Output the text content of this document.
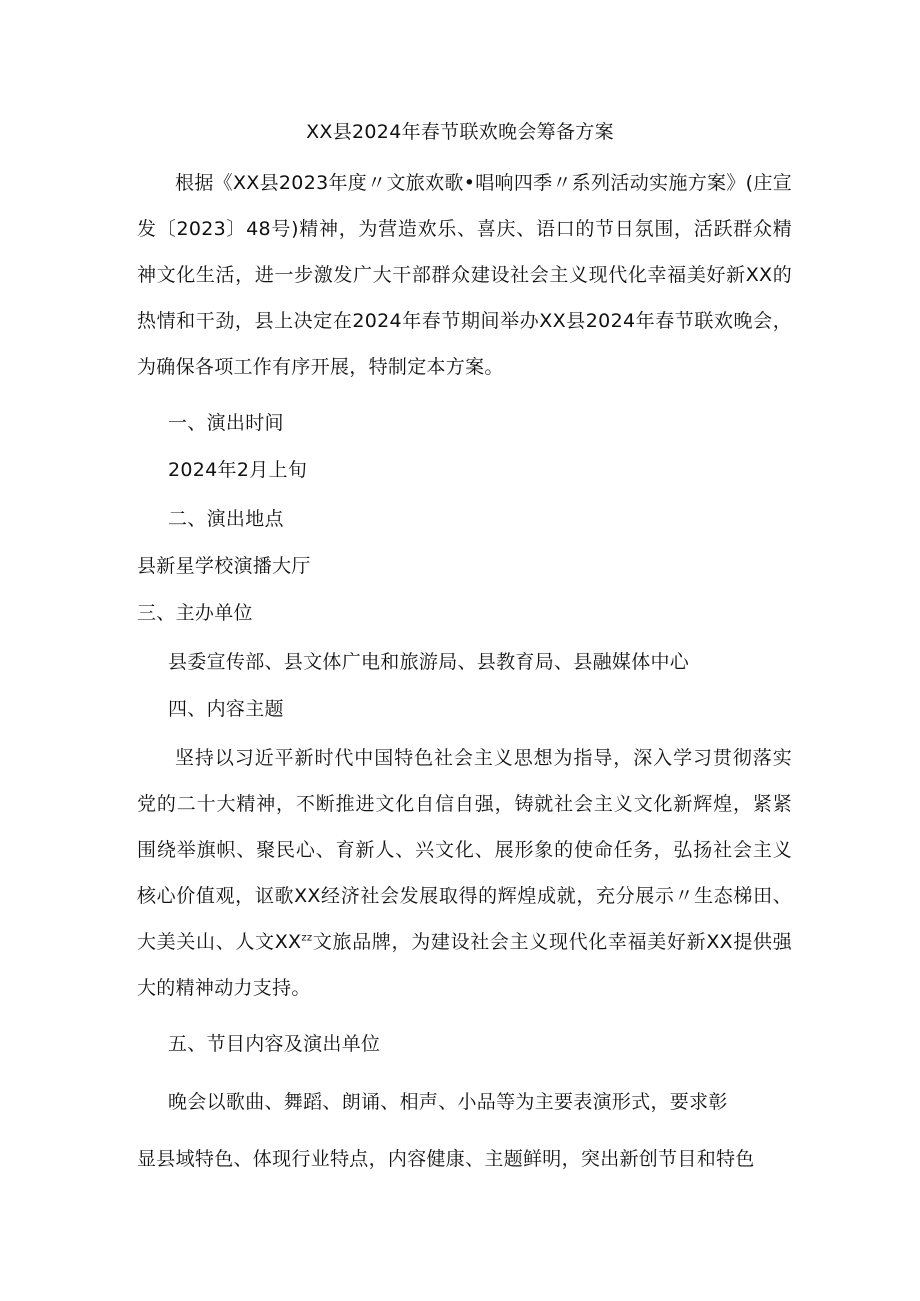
XX县2024年春节联欢晚会筹备方案
根据《XX县2023年度〃文旅欢歌•唱响四季〃系列活动实施方案》(庄宣发〔2023〕48号)精神，为营造欢乐、喜庆、语口的节日氛围，活跃群众精神文化生活，进一步激发广大干部群众建设社会主义现代化幸福美好新XX的热情和干劲，县上决定在2024年春节期间举办XX县2024年春节联欢晚会，为确保各项工作有序开展，特制定本方案。
一、演出时间
2024年2月上旬
二、演出地点
县新星学校演播大厅
三、主办单位
县委宣传部、县文体广电和旅游局、县教育局、县融媒体中心
四、内容主题
坚持以习近平新时代中国特色社会主义思想为指导，深入学习贯彻落实党的二十大精神，不断推进文化自信自强，铸就社会主义文化新辉煌，紧紧围绕举旗帜、聚民心、育新人、兴文化、展形象的使命任务，弘扬社会主义核心价值观，讴歌XX经济社会发展取得的辉煌成就，充分展示〃生态梯田、大美关山、人文$XX^{zz}$文旅品牌，为建设社会主义现代化幸福美好新XX提供强大的精神动力支持。
五、节目内容及演出单位
晚会以歌曲、舞蹈、朗诵、相声、小品等为主要表演形式，要求彰
显县域特色、体现行业特点，内容健康、主题鲜明，突出新创节目和特色
